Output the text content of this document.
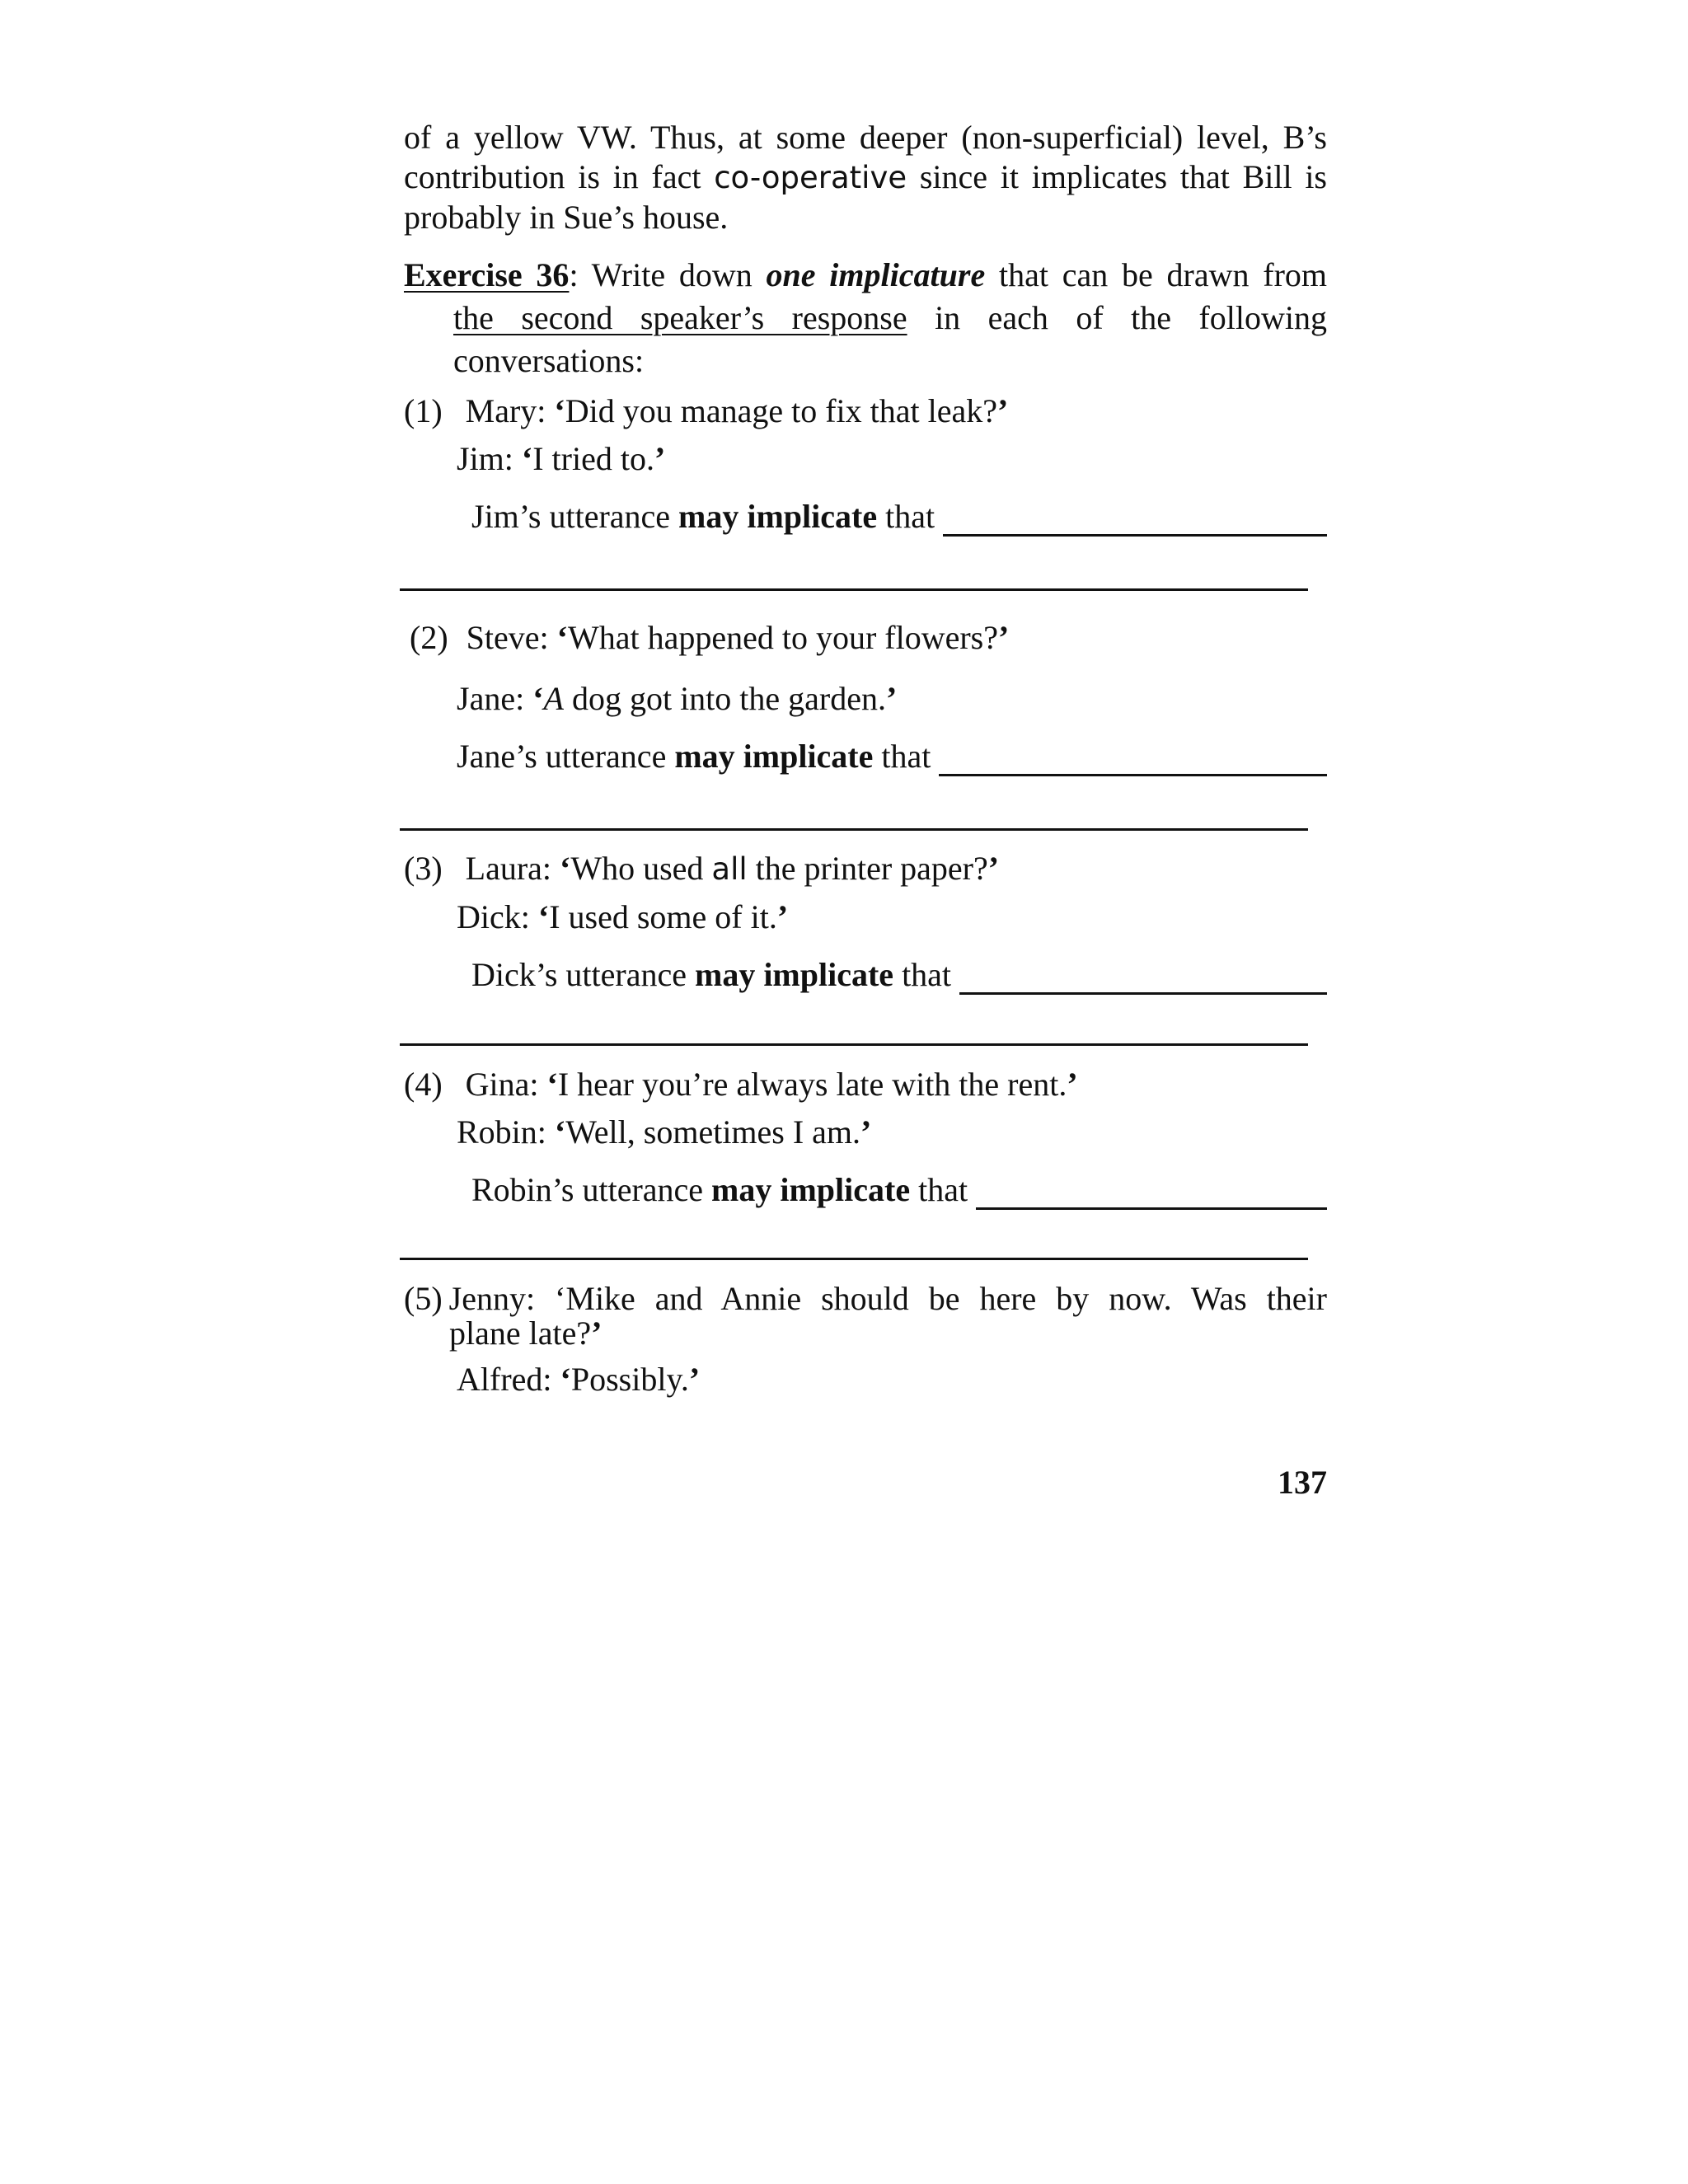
of a yellow VW. Thus, at some deeper (non-superficial) level, B’s
contribution is in fact co-operative since it implicates that Bill is
probably in Sue’s house.
Exercise 36: Write down one implicature that can be drawn from
the second speaker’s response in each of the following
conversations:
(1) Mary: ‘Did you manage to fix that leak?’
Jim: ‘I tried to.’
Jim’s utterance
may implicate
that
(2) Steve: ‘What happened to your flowers?’
Jane: ‘A dog got into the garden.’
Jane’s utterance
may implicate
that
(3) Laura: ‘Who used all the printer paper?’
Dick: ‘I used some of it.’
Dick’s utterance
may implicate
that
(4) Gina: ‘I hear you’re always late with the rent.’
Robin: ‘Well, sometimes I am.’
Robin’s utterance
may implicate
that
(5) Jenny: ‘Mike and Annie should be here by now. Was their
plane late?’
Alfred: ‘Possibly.’
137
